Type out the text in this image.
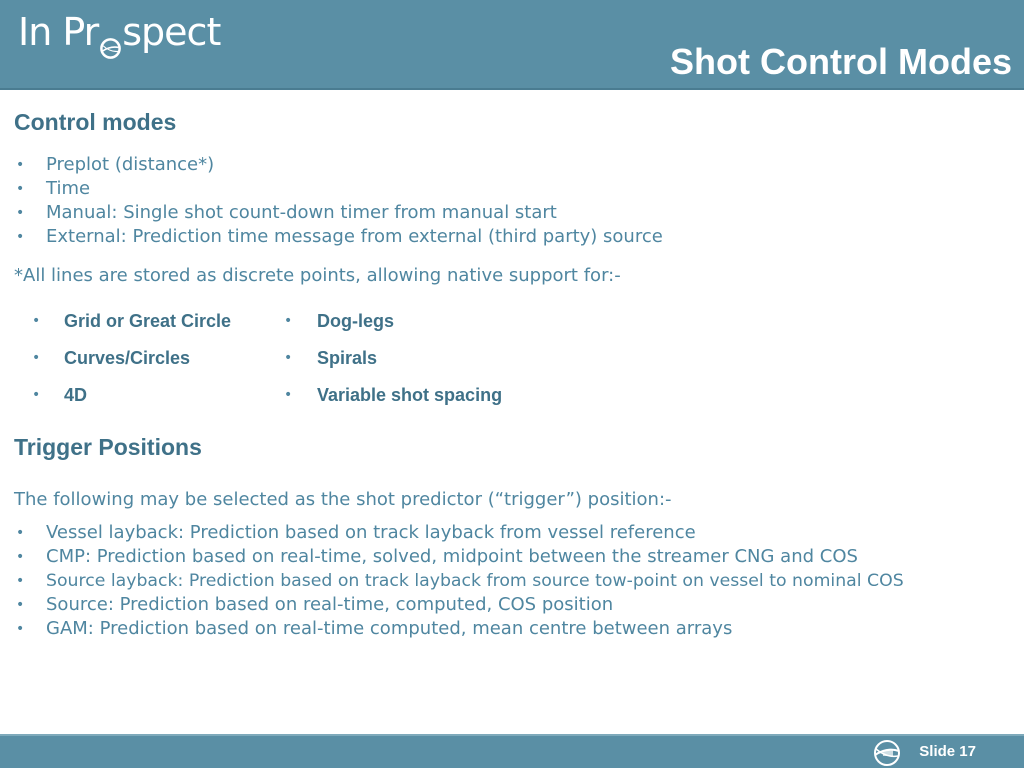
In Pr spect
Shot Control Modes
Control modes
• Preplot (distance*)
• Time
• Manual: Single shot count-down timer from manual start
• External: Prediction time message from external (third party) source
*All lines are stored as discrete points, allowing native support for:-
• Grid or Great Circle
• Curves/Circles
• 4D
• Dog-legs
• Spirals
• Variable shot spacing
Trigger Positions
The following may be selected as the shot predictor (“trigger”) position:-
• Vessel layback: Prediction based on track layback from vessel reference
• CMP: Prediction based on real-time, solved, midpoint between the streamer CNG and COS
• Source layback: Prediction based on track layback from source tow-point on vessel to nominal COS
• Source: Prediction based on real-time, computed, COS position
• GAM: Prediction based on real-time computed, mean centre between arrays
Slide 17
